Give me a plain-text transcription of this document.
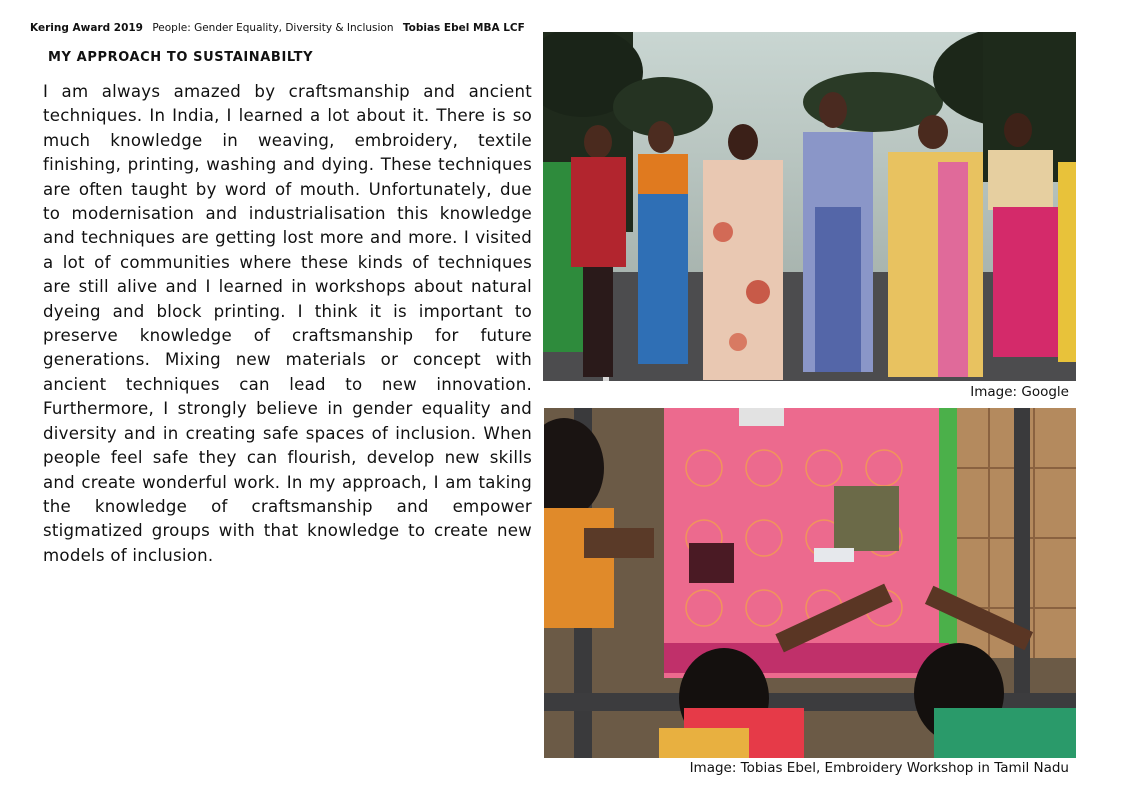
Kering Award 2019 People: Gender Equality, Diversity & Inclusion Tobias Ebel MBA LCF
MY APPROACH TO SUSTAINABILTY
I am always amazed by craftsmanship and ancient techniques. In India, I learned a lot about it. There is so much knowledge in weaving, embroidery, textile finishing, printing, washing and dying. These techniques are often taught by word of mouth. Unfortunately, due to modernisation and industrialisation this knowledge and techniques are getting lost more and more. I visited a lot of communities where these kinds of techniques are still alive and I learned in workshops about natural dyeing and block printing. I think it is important to preserve knowledge of craftsmanship for future generations. Mixing new materials or concept with ancient techniques can lead to new innovation. Furthermore, I strongly believe in gender equality and diversity and in creating safe spaces of inclusion. When people feel safe they can flourish, develop new skills and create wonderful work. In my approach, I am taking the knowledge of craftsmanship and empower stigmatized groups with that knowledge to create new models of inclusion.
Image: Google
Image: Tobias Ebel, Embroidery Workshop in Tamil Nadu
